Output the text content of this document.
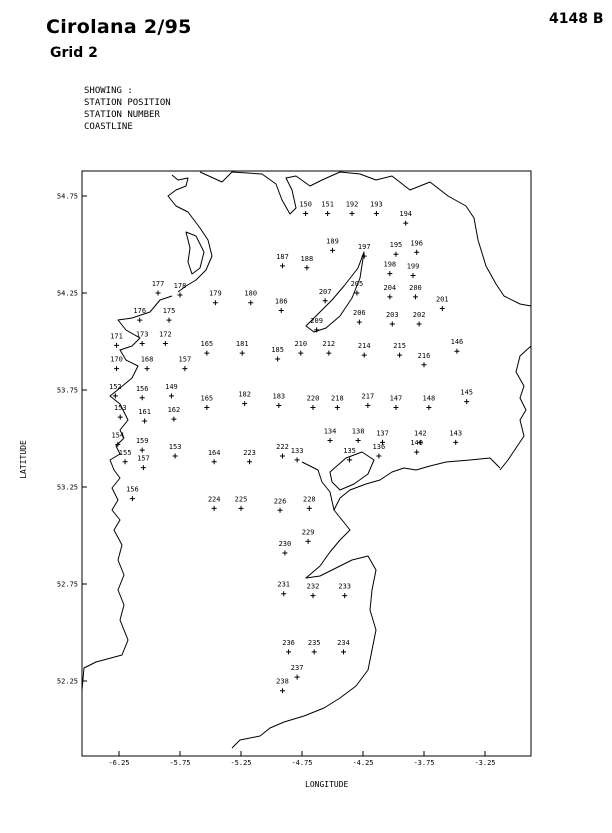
Cirolana 2/95
Grid 2
4148 B
SHOWING :
STATION POSITION
STATION NUMBER
COASTLINE
-6.25	-5.75	-5.25	-4.75	-4.25	-3.75	-3.25
54.75
54.25
53.75
53.25
52.75
52.25
150 151 192 193
194
187 188
189
197	195 196
198 199
177 178
179	180
186
207
205	204 200
201
176 175
209
206	203 202
171 173 172
165	181
185
210 212	214	215
216
146
170	168	157
152 156 149
165	182	183	220 218	217 147	148
145
153 161 162
134 138 137	142	143
154
159
153	222 133	135 136	140
155
157
164	223
156
224 225	226 228
229
230
231 232	233
236 235 234
237
238
LONGITUDE
LATITUDE
